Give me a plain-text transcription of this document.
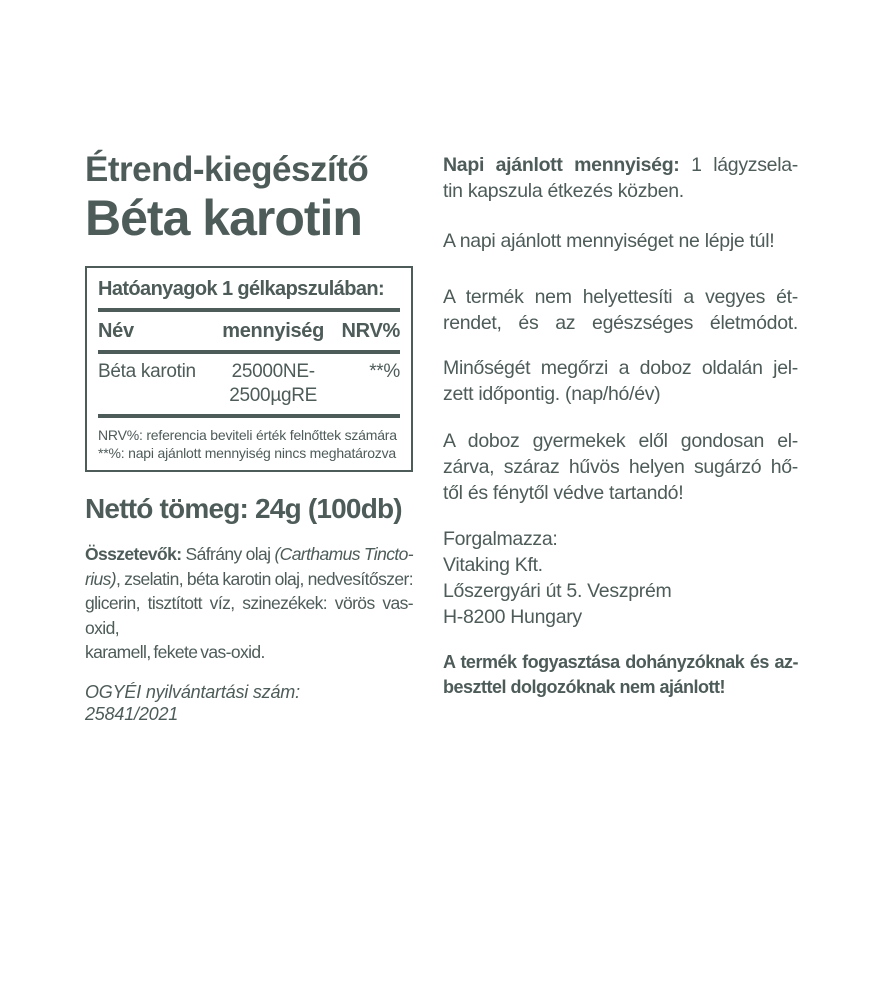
Étrend-kiegészítő
Béta karotin
Hatóanyagok 1 gélkapszulában:
Név	mennyiség NRV%
Béta karotin	25000NE-
2500µgRE
**%
NRV%: referencia beviteli érték felnőttek számára
**%: napi ajánlott mennyiség nincs meghatározva
Nettó tömeg: 24g (100db)
Összetevők: Sáfrány olaj (Carthamus Tincto-
rius), zselatin, béta karotin olaj, nedvesítőszer:
glicerin, tisztított víz, szinezékek: vörös vas-oxid,
karamell, fekete vas-oxid.
OGYÉI nyilvántartási szám:
25841/2021
Napi ajánlott mennyiség: 1 lágyzsela-
tin kapszula étkezés közben.
A napi ajánlott mennyiséget ne lépje túl!
A termék nem helyettesíti a vegyes ét-
rendet, és az egészséges életmódot.
Minőségét megőrzi a doboz oldalán jel-
zett időpontig. (nap/hó/év)
A doboz gyermekek elől gondosan el-
zárva, száraz hűvös helyen sugárzó hő-
től és fénytől védve tartandó!
Forgalmazza:
Vitaking Kft.
Lőszergyári út 5. Veszprém
H-8200 Hungary
A termék fogyasztása dohányzóknak és az-
beszttel dolgozóknak nem ajánlott!
